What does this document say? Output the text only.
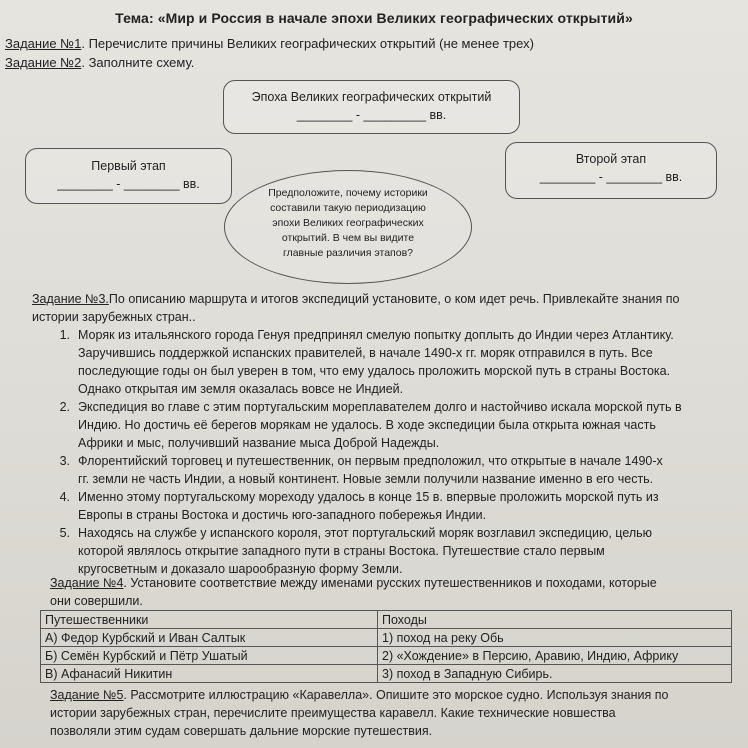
Тема: «Мир и Россия в начале эпохи Великих географических открытий»
Задание №1. Перечислите причины Великих географических открытий (не менее трех)
Задание №2. Заполните схему.
Эпоха Великих географических открытий
________ - _________ вв.
Первый этап
________ - ________ вв.
Второй этап
________ - ________ вв.
Предположите, почему историки
составили такую периодизацию
эпохи Великих географических
открытий. В чем вы видите
главные различия этапов?
Задание №3.По описанию маршрута и итогов экспедиций установите, о ком идет речь. Привлекайте знания по
истории зарубежных стран..
1. Моряк из итальянского города Генуя предпринял смелую попытку доплыть до Индии через Атлантику.
Заручившись поддержкой испанских правителей, в начале 1490-х гг. моряк отправился в путь. Все
последующие годы он был уверен в том, что ему удалось проложить морской путь в страны Востока.
Однако открытая им земля оказалась вовсе не Индией.
2. Экспедиция во главе с этим португальским мореплавателем долго и настойчиво искала морской путь в
Индию. Но достичь её берегов морякам не удалось. В ходе экспедиции была открыта южная часть
Африки и мыс, получивший название мыса Доброй Надежды.
3. Флорентийский торговец и путешественник, он первым предположил, что открытые в начале 1490-х
гг. земли не часть Индии, а новый континент. Новые земли получили название именно в его честь.
4. Именно этому португальскому мореходу удалось в конце 15 в. впервые проложить морской путь из
Европы в страны Востока и достичь юго-западного побережья Индии.
5. Находясь на службе у испанского короля, этот португальский моряк возглавил экспедицию, целью
которой являлось открытие западного пути в страны Востока. Путешествие стало первым
кругосветным и доказало шарообразную форму Земли.
Задание №4. Установите соответствие между именами русских путешественников и походами, которые
они совершили.
Путешественники	Походы
А) Федор Курбский и Иван Салтык	1) поход на реку Обь
Б) Семён Курбский и Пётр Ушатый	2) «Хождение» в Персию, Аравию, Индию, Африку
В) Афанасий Никитин	3) поход в Западную Сибирь.
Задание №5. Рассмотрите иллюстрацию «Каравелла». Опишите это морское судно. Используя знания по
истории зарубежных стран, перечислите преимущества каравелл. Какие технические новшества
позволяли этим судам совершать дальние морские путешествия.
